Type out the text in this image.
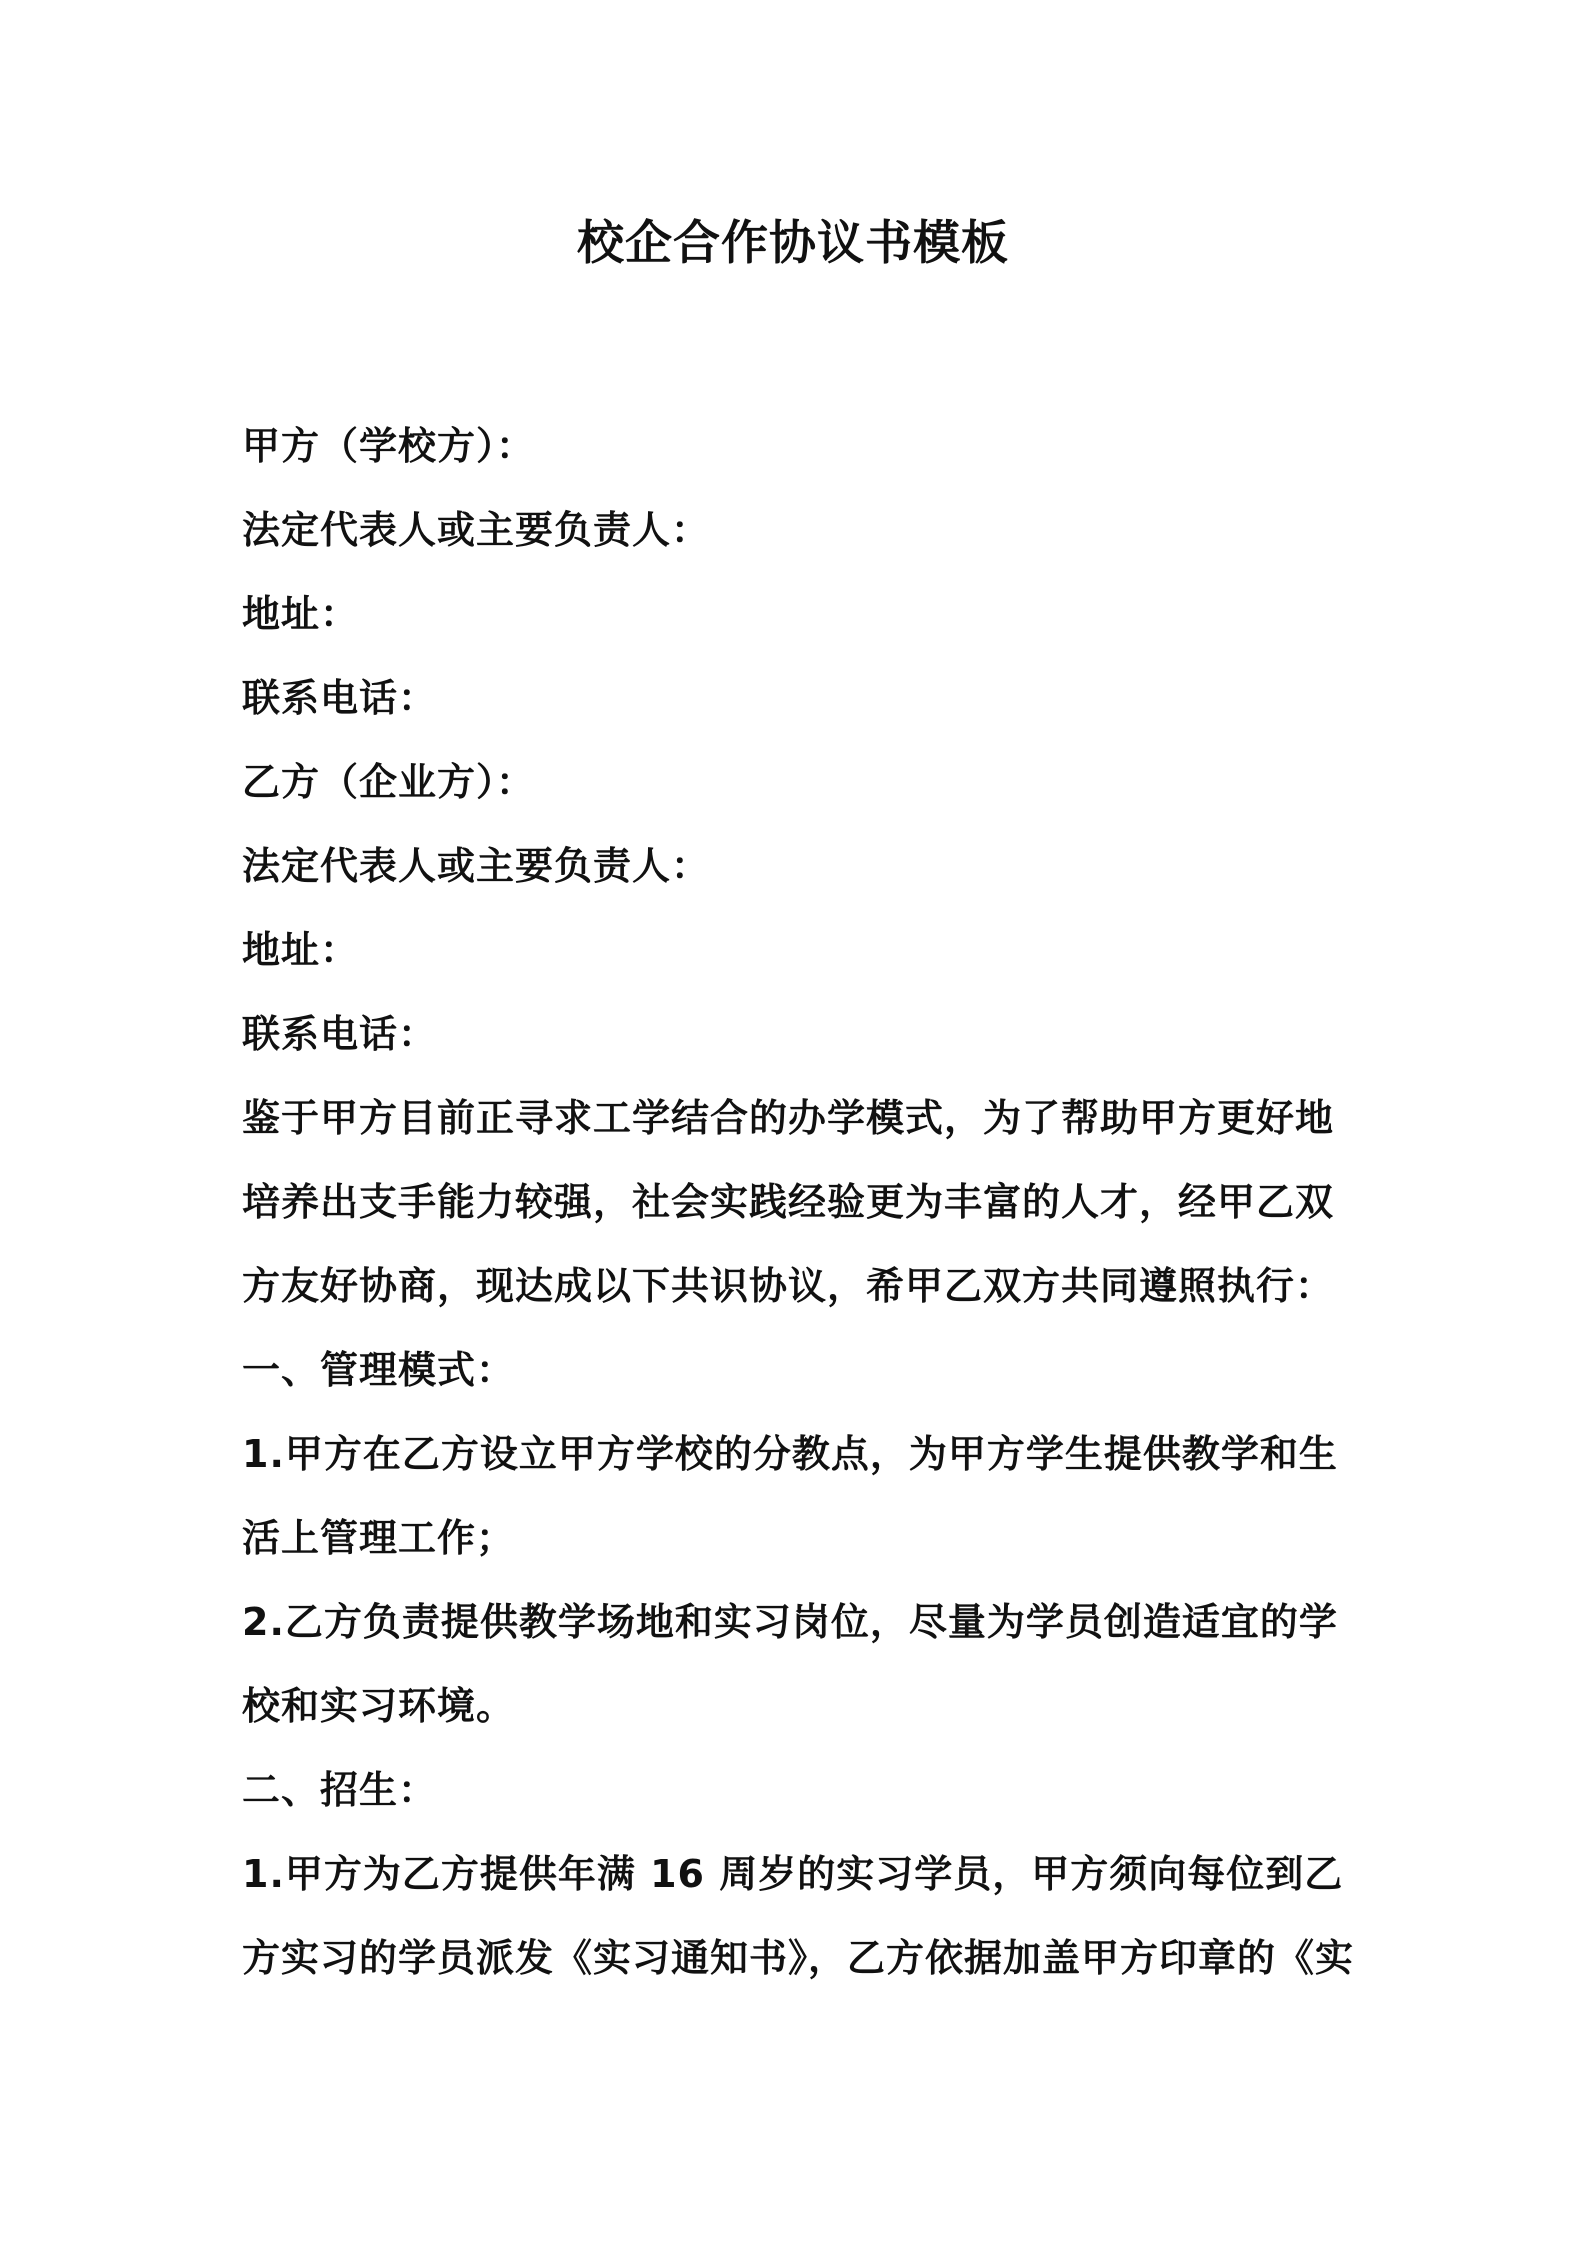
校企合作协议书模板
甲方（学校方）：
法定代表人或主要负责人：
地址：
联系电话：
乙方（企业方）：
法定代表人或主要负责人：
地址：
联系电话：
鉴于甲方目前正寻求工学结合的办学模式，为了帮助甲方更好地
培养出支手能力较强，社会实践经验更为丰富的人才，经甲乙双
方友好协商，现达成以下共识协议，希甲乙双方共同遵照执行：
一、管理模式：
1.甲方在乙方设立甲方学校的分教点，为甲方学生提供教学和生
活上管理工作；
2.乙方负责提供教学场地和实习岗位，尽量为学员创造适宜的学
校和实习环境。
二、招生：
1.甲方为乙方提供年满 16 周岁的实习学员，甲方须向每位到乙
方实习的学员派发《实习通知书》，乙方依据加盖甲方印章的《实
